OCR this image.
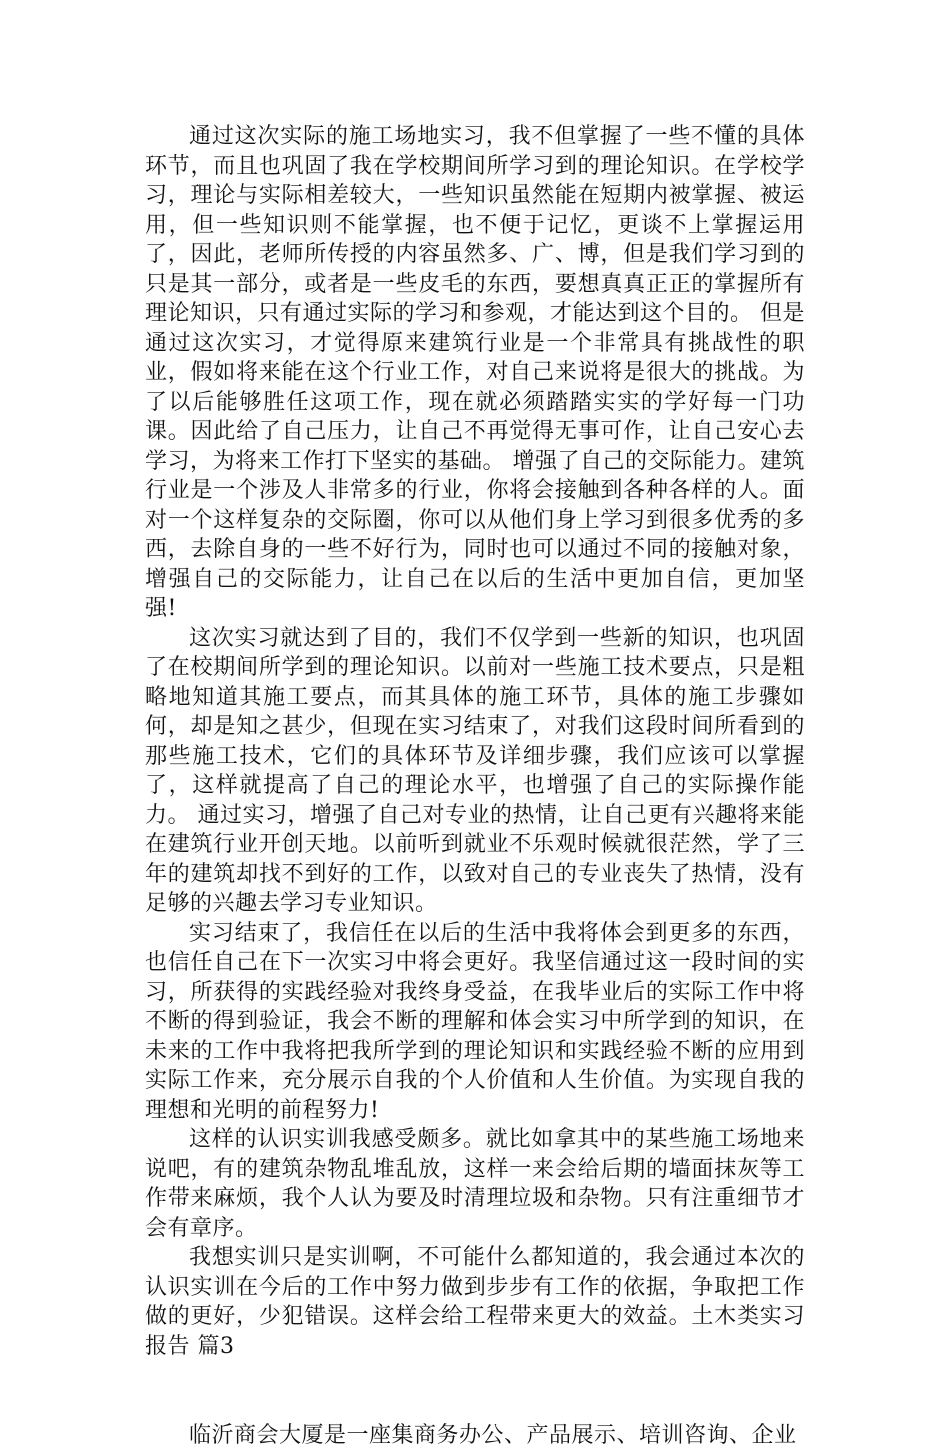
通过这次实际的施工场地实习，我不但掌握了一些不懂的具体环节，而且也巩固了我在学校期间所学习到的理论知识。在学校学习，理论与实际相差较大，一些知识虽然能在短期内被掌握、被运用，但一些知识则不能掌握，也不便于记忆，更谈不上掌握运用了，因此，老师所传授的内容虽然多、广、博，但是我们学习到的只是其一部分，或者是一些皮毛的东西，要想真真正正的掌握所有理论知识，只有通过实际的学习和参观，才能达到这个目的。 但是通过这次实习，才觉得原来建筑行业是一个非常具有挑战性的职业，假如将来能在这个行业工作，对自己来说将是很大的挑战。为了以后能够胜任这项工作，现在就必须踏踏实实的学好每一门功课。因此给了自己压力，让自己不再觉得无事可作，让自己安心去学习，为将来工作打下坚实的基础。 增强了自己的交际能力。建筑行业是一个涉及人非常多的行业，你将会接触到各种各样的人。面对一个这样复杂的交际圈，你可以从他们身上学习到很多优秀的多西，去除自身的一些不好行为，同时也可以通过不同的接触对象，增强自己的交际能力，让自己在以后的生活中更加自信，更加坚强!

这次实习就达到了目的，我们不仅学到一些新的知识，也巩固了在校期间所学到的理论知识。以前对一些施工技术要点，只是粗略地知道其施工要点，而其具体的施工环节，具体的施工步骤如何，却是知之甚少，但现在实习结束了，对我们这段时间所看到的那些施工技术，它们的具体环节及详细步骤，我们应该可以掌握了，这样就提高了自己的理论水平，也增强了自己的实际操作能力。 通过实习，增强了自己对专业的热情，让自己更有兴趣将来能在建筑行业开创天地。以前听到就业不乐观时候就很茫然，学了三年的建筑却找不到好的工作，以致对自己的专业丧失了热情，没有足够的兴趣去学习专业知识。

实习结束了，我信任在以后的生活中我将体会到更多的东西，也信任自己在下一次实习中将会更好。我坚信通过这一段时间的实习，所获得的实践经验对我终身受益，在我毕业后的实际工作中将不断的得到验证，我会不断的理解和体会实习中所学到的知识，在未来的工作中我将把我所学到的理论知识和实践经验不断的应用到实际工作来，充分展示自我的个人价值和人生价值。为实现自我的理想和光明的前程努力!

这样的认识实训我感受颇多。就比如拿其中的某些施工场地来说吧，有的建筑杂物乱堆乱放，这样一来会给后期的墙面抹灰等工作带来麻烦，我个人认为要及时清理垃圾和杂物。只有注重细节才会有章序。

我想实训只是实训啊，不可能什么都知道的，我会通过本次的认识实训在今后的工作中努力做到步步有工作的依据，争取把工作做的更好，少犯错误。这样会给工程带来更大的效益。土木类实习报告 篇3

临沂商会大厦是一座集商务办公、产品展示、培训咨询、企业
